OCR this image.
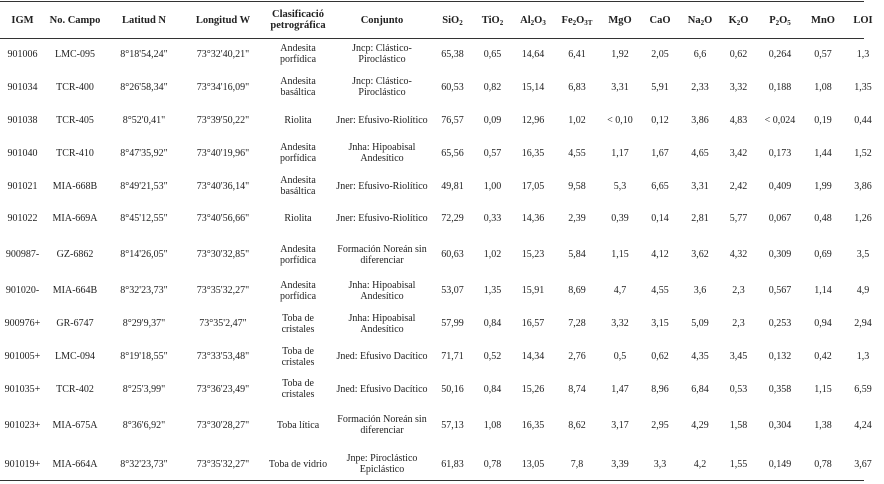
IGM	No. Campo	Latitud N	Longitud W	Clasificació petrográfica	Conjunto	SiO$_2$	TiO$_2$	$Al_2O_3$	$Fe_2O_{3T}$	MgO	CaO	$Na_2O$	$K_2O$	$P_2O_5$	MnO	LOI
901006	LMC-095	8°18'54,24"	73°32'40,21"	Andesita porfídica	Jncp: Clástico-Piroclástico	65,38	0,65	14,64	6,41	1,92	2,05	6,6	0,62	0,264	0,57	1,3
901034	TCR-400	8°26'58,34"	73°34'16,09"	Andesita basáltica	Jncp: Clástico-Piroclástico	60,53	0,82	15,14	6,83	3,31	5,91	2,33	3,32	0,188	1,08	1,35
901038	TCR-405	8°52'0,41"	73°39'50,22"	Riolita	Jner: Efusivo-Riolítico	76,57	0,09	12,96	1,02	< 0,10	0,12	3,86	4,83	< 0,024	0,19	0,44
901040	TCR-410	8°47'35,92"	73°40'19,96"	Andesita porfídica	Jnha: Hipoabisal Andesítico	65,56	0,57	16,35	4,55	1,17	1,67	4,65	3,42	0,173	1,44	1,52
901021	MIA-668B	8°49'21,53"	73°40'36,14"	Andesita basáltica	Jner: Efusivo-Riolítico	49,81	1,00	17,05	9,58	5,3	6,65	3,31	2,42	0,409	1,99	3,86
901022	MIA-669A	8°45'12,55"	73°40'56,66"	Riolita	Jner: Efusivo-Riolítico	72,29	0,33	14,36	2,39	0,39	0,14	2,81	5,77	0,067	0,48	1,26
900987-	GZ-6862	8°14'26,05"	73°30'32,85"	Andesita porfídica	Formación Noreán sin diferenciar	60,63	1,02	15,23	5,84	1,15	4,12	3,62	4,32	0,309	0,69	3,5
901020-	MIA-664B	8°32'23,73"	73°35'32,27"	Andesita porfídica	Jnha: Hipoabisal Andesítico	53,07	1,35	15,91	8,69	4,7	4,55	3,6	2,3	0,567	1,14	4,9
900976+	GR-6747	8°29'9,37"	73°35'2,47"	Toba de cristales	Jnha: Hipoabisal Andesítico	57,99	0,84	16,57	7,28	3,32	3,15	5,09	2,3	0,253	0,94	2,94
901005+	LMC-094	8°19'18,55"	73°33'53,48"	Toba de cristales	Jned: Efusivo Dacítico	71,71	0,52	14,34	2,76	0,5	0,62	4,35	3,45	0,132	0,42	1,3
901035+	TCR-402	8°25'3,99"	73°36'23,49"	Toba de cristales	Jned: Efusivo Dacítico	50,16	0,84	15,26	8,74	1,47	8,96	6,84	0,53	0,358	1,15	6,59
901023+	MIA-675A	8°36'6,92"	73°30'28,27"	Toba lítica	Formación Noreán sin diferenciar	57,13	1,08	16,35	8,62	3,17	2,95	4,29	1,58	0,304	1,38	4,24
901019+	MIA-664A	8°32'23,73"	73°35'32,27"	Toba de vidrio	Jnpe: Piroclástico Epiclástico	61,83	0,78	13,05	7,8	3,39	3,3	4,2	1,55	0,149	0,78	3,67
